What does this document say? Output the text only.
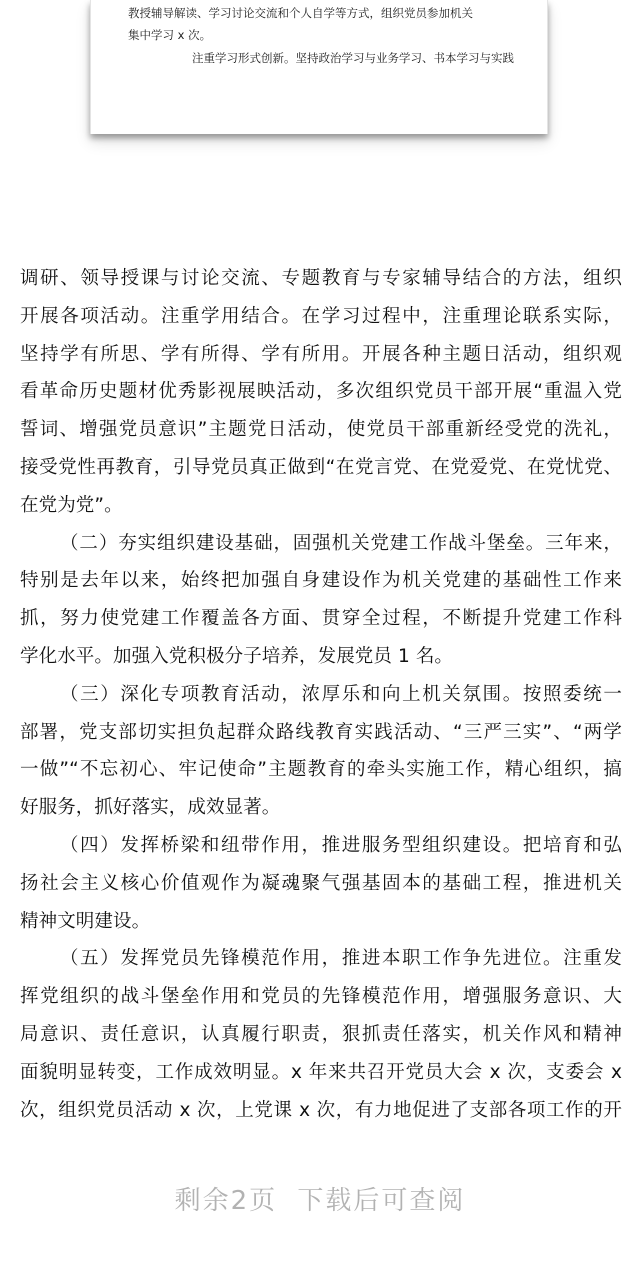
教授辅导解读、学习讨论交流和个人自学等方式，组织党员参加机关
集中学习 x 次。
注重学习形式创新。坚持政治学习与业务学习、书本学习与实践
调研、领导授课与讨论交流、专题教育与专家辅导结合的方法，组织
开展各项活动。注重学用结合。在学习过程中，注重理论联系实际，
坚持学有所思、学有所得、学有所用。开展各种主题日活动，组织观
看革命历史题材优秀影视展映活动，多次组织党员干部开展“重温入党
誓词、增强党员意识”主题党日活动，使党员干部重新经受党的洗礼，
接受党性再教育，引导党员真正做到“在党言党、在党爱党、在党忧党、
在党为党”。
（二）夯实组织建设基础，固强机关党建工作战斗堡垒。三年来，
特别是去年以来，始终把加强自身建设作为机关党建的基础性工作来
抓，努力使党建工作覆盖各方面、贯穿全过程，不断提升党建工作科
学化水平。加强入党积极分子培养，发展党员 1 名。
（三）深化专项教育活动，浓厚乐和向上机关氛围。按照委统一
部署，党支部切实担负起群众路线教育实践活动、“三严三实”、“两学
一做”“不忘初心、牢记使命”主题教育的牵头实施工作，精心组织，搞
好服务，抓好落实，成效显著。
（四）发挥桥梁和纽带作用，推进服务型组织建设。把培育和弘
扬社会主义核心价值观作为凝魂聚气强基固本的基础工程，推进机关
精神文明建设。
（五）发挥党员先锋模范作用，推进本职工作争先进位。注重发
挥党组织的战斗堡垒作用和党员的先锋模范作用，增强服务意识、大
局意识、责任意识，认真履行职责，狠抓责任落实，机关作风和精神
面貌明显转变，工作成效明显。x 年来共召开党员大会 x 次，支委会 x
次，组织党员活动 x 次，上党课 x 次，有力地促进了支部各项工作的开
剩余2页 下载后可查阅
